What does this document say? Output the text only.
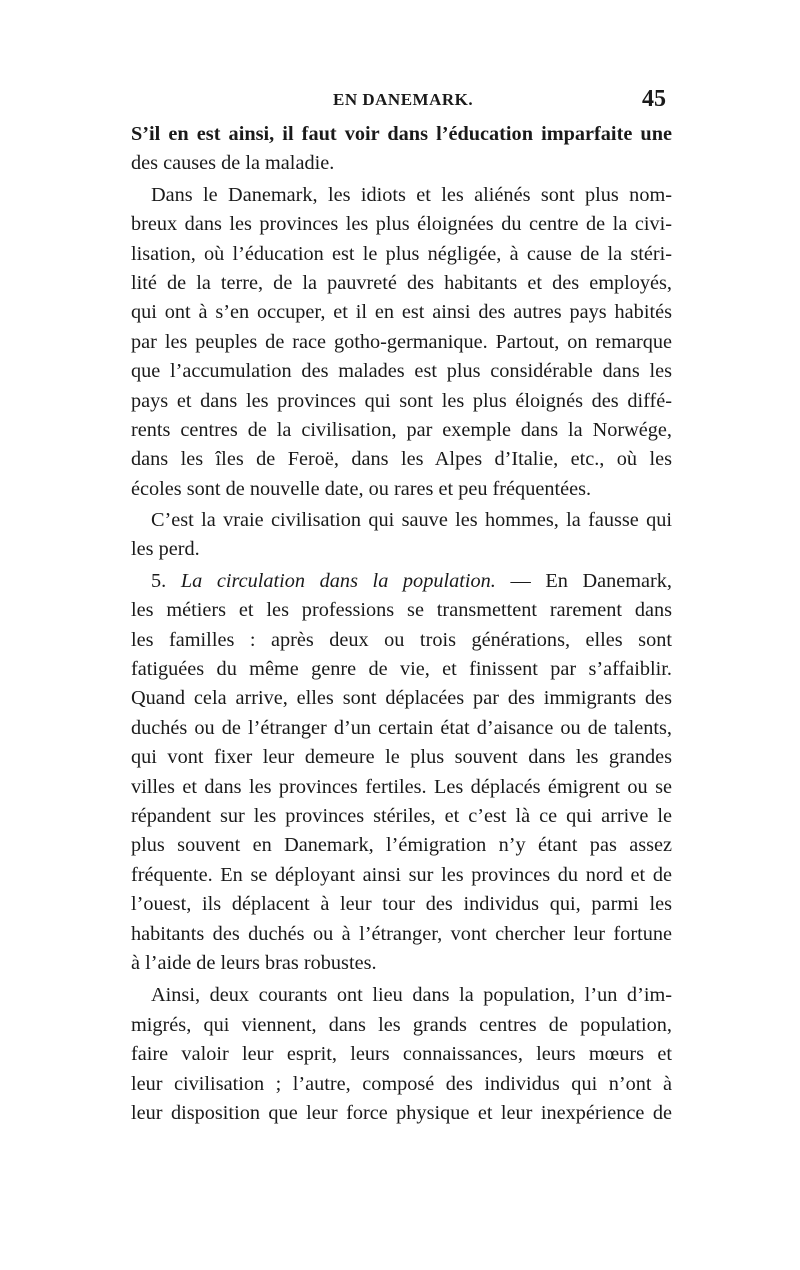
EN DANEMARK.	45
S’il en est ainsi, il faut voir dans l’éducation imparfaite une
des causes de la maladie.
Dans le Danemark, les idiots et les aliénés sont plus nom-
breux dans les provinces les plus éloignées du centre de la civi-
lisation, où l’éducation est le plus négligée, à cause de la stéri-
lité de la terre, de la pauvreté des habitants et des employés,
qui ont à s’en occuper, et il en est ainsi des autres pays habités
par les peuples de race gotho-germanique. Partout, on remarque
que l’accumulation des malades est plus considérable dans les
pays et dans les provinces qui sont les plus éloignés des diffé-
rents centres de la civilisation, par exemple dans la Norwége,
dans les îles de Feroë, dans les Alpes d’Italie, etc., où les
écoles sont de nouvelle date, ou rares et peu fréquentées.
C’est la vraie civilisation qui sauve les hommes, la fausse qui
les perd.
5. La circulation dans la population. — En Danemark,
les métiers et les professions se transmettent rarement dans
les familles : après deux ou trois générations, elles sont
fatiguées du même genre de vie, et finissent par s’affaiblir.
Quand cela arrive, elles sont déplacées par des immigrants des
duchés ou de l’étranger d’un certain état d’aisance ou de talents,
qui vont fixer leur demeure le plus souvent dans les grandes
villes et dans les provinces fertiles. Les déplacés émigrent ou se
répandent sur les provinces stériles, et c’est là ce qui arrive le
plus souvent en Danemark, l’émigration n’y étant pas assez
fréquente. En se déployant ainsi sur les provinces du nord et de
l’ouest, ils déplacent à leur tour des individus qui, parmi les
habitants des duchés ou à l’étranger, vont chercher leur fortune
à l’aide de leurs bras robustes.
Ainsi, deux courants ont lieu dans la population, l’un d’im-
migrés, qui viennent, dans les grands centres de population,
faire valoir leur esprit, leurs connaissances, leurs mœurs et
leur civilisation ; l’autre, composé des individus qui n’ont à
leur disposition que leur force physique et leur inexpérience de
